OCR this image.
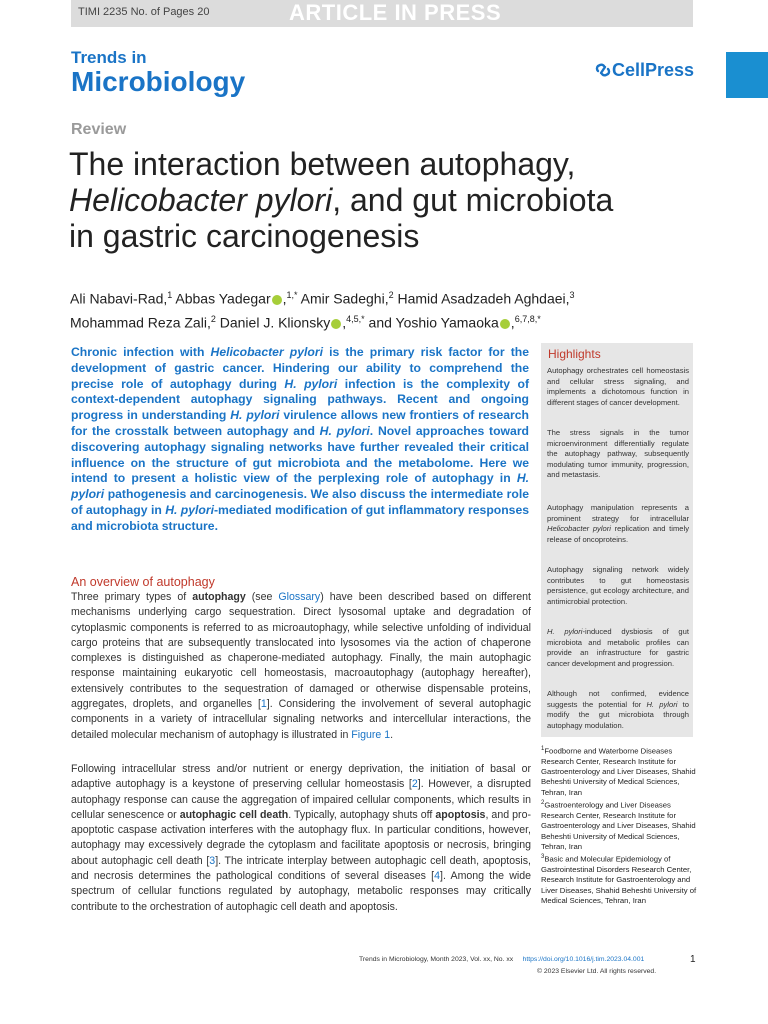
TIMI 2235 No. of Pages 20	ARTICLE IN PRESS
Trends in
Microbiology	CellPress
Review
The interaction between autophagy,
Helicobacter pylori, and gut microbiota
in gastric carcinogenesis
Ali Nabavi-Rad,$^1$ Abbas Yadegar ,$^{1,*}$ Amir Sadeghi,$^2$ Hamid Asadzadeh Aghdaei,$^3$
Mohammad Reza Zali,$^2$ Daniel J. Klionsky ,$^{4,5,*}$ and Yoshio Yamaoka ,$^{6,7,8,*}$
Chronic infection with Helicobacter pylori is the primary risk factor for the development of gastric cancer. Hindering our ability to comprehend the precise role of autophagy during H. pylori infection is the complexity of context-dependent autophagy signaling pathways. Recent and ongoing progress in understanding H. pylori virulence allows new frontiers of research for the crosstalk between autophagy and H. pylori. Novel approaches toward discovering autophagy signaling networks have further revealed their critical influence on the structure of gut microbiota and the metabolome. Here we intend to present a holistic view of the perplexing role of autophagy in H. pylori pathogenesis and carcinogenesis. We also discuss the intermediate role of autophagy in H. pylori-mediated modification of gut inflammatory responses and microbiota structure.
Highlights
Autophagy orchestrates cell homeostasis and cellular stress signaling, and implements a dichotomous function in different stages of cancer development.
The stress signals in the tumor microenvironment differentially regulate the autophagy pathway, subsequently modulating tumor immunity, progression, and metastasis.
Autophagy manipulation represents a prominent strategy for intracellular Helicobacter pylori replication and timely release of oncoproteins.
Autophagy signaling network widely contributes to gut homeostasis persistence, gut ecology architecture, and antimicrobial protection.
H. pylori-induced dysbiosis of gut microbiota and metabolic profiles can provide an infrastructure for gastric cancer development and progression.
Although not confirmed, evidence suggests the potential for H. pylori to modify the gut microbiota through autophagy modulation.
An overview of autophagy
Three primary types of autophagy (see Glossary) have been described based on different mechanisms underlying cargo sequestration. Direct lysosomal uptake and degradation of cytoplasmic components is referred to as microautophagy, while selective unfolding of individual cargo proteins that are subsequently translocated into lysosomes via the action of chaperone complexes is distinguished as chaperone-mediated autophagy. Finally, the main autophagic response maintaining eukaryotic cell homeostasis, macroautophagy (autophagy hereafter), extensively contributes to the sequestration of damaged or otherwise dispensable proteins, aggregates, droplets, and organelles [1]. Considering the involvement of several autophagic components in a variety of intracellular signaling networks and intercellular interactions, the detailed molecular mechanism of autophagy is illustrated in Figure 1.
Following intracellular stress and/or nutrient or energy deprivation, the initiation of basal or adaptive autophagy is a keystone of preserving cellular homeostasis [2]. However, a disrupted autophagy response can cause the aggregation of impaired cellular components, which results in cellular senescence or autophagic cell death. Typically, autophagy shuts off apoptosis, and pro-apoptotic caspase activation interferes with the autophagy flux. In particular conditions, however, autophagy may excessively degrade the cytoplasm and facilitate apoptosis or necrosis, bringing about autophagic cell death [3]. The intricate interplay between autophagic cell death, apoptosis, and necrosis determines the pathological conditions of several diseases [4]. Among the wide spectrum of cellular functions regulated by autophagy, metabolic responses may critically contribute to the orchestration of autophagic cell death and apoptosis.
$^1$Foodborne and Waterborne Diseases Research Center, Research Institute for Gastroenterology and Liver Diseases, Shahid Beheshti University of Medical Sciences, Tehran, Iran
$^2$Gastroenterology and Liver Diseases Research Center, Research Institute for Gastroenterology and Liver Diseases, Shahid Beheshti University of Medical Sciences, Tehran, Iran
$^3$Basic and Molecular Epidemiology of Gastrointestinal Disorders Research Center, Research Institute for Gastroenterology and Liver Diseases, Shahid Beheshti University of Medical Sciences, Tehran, Iran
Trends in Microbiology, Month 2023, Vol. xx, No. xx https://doi.org/10.1016/j.tim.2023.04.001	1
© 2023 Elsevier Ltd. All rights reserved.
